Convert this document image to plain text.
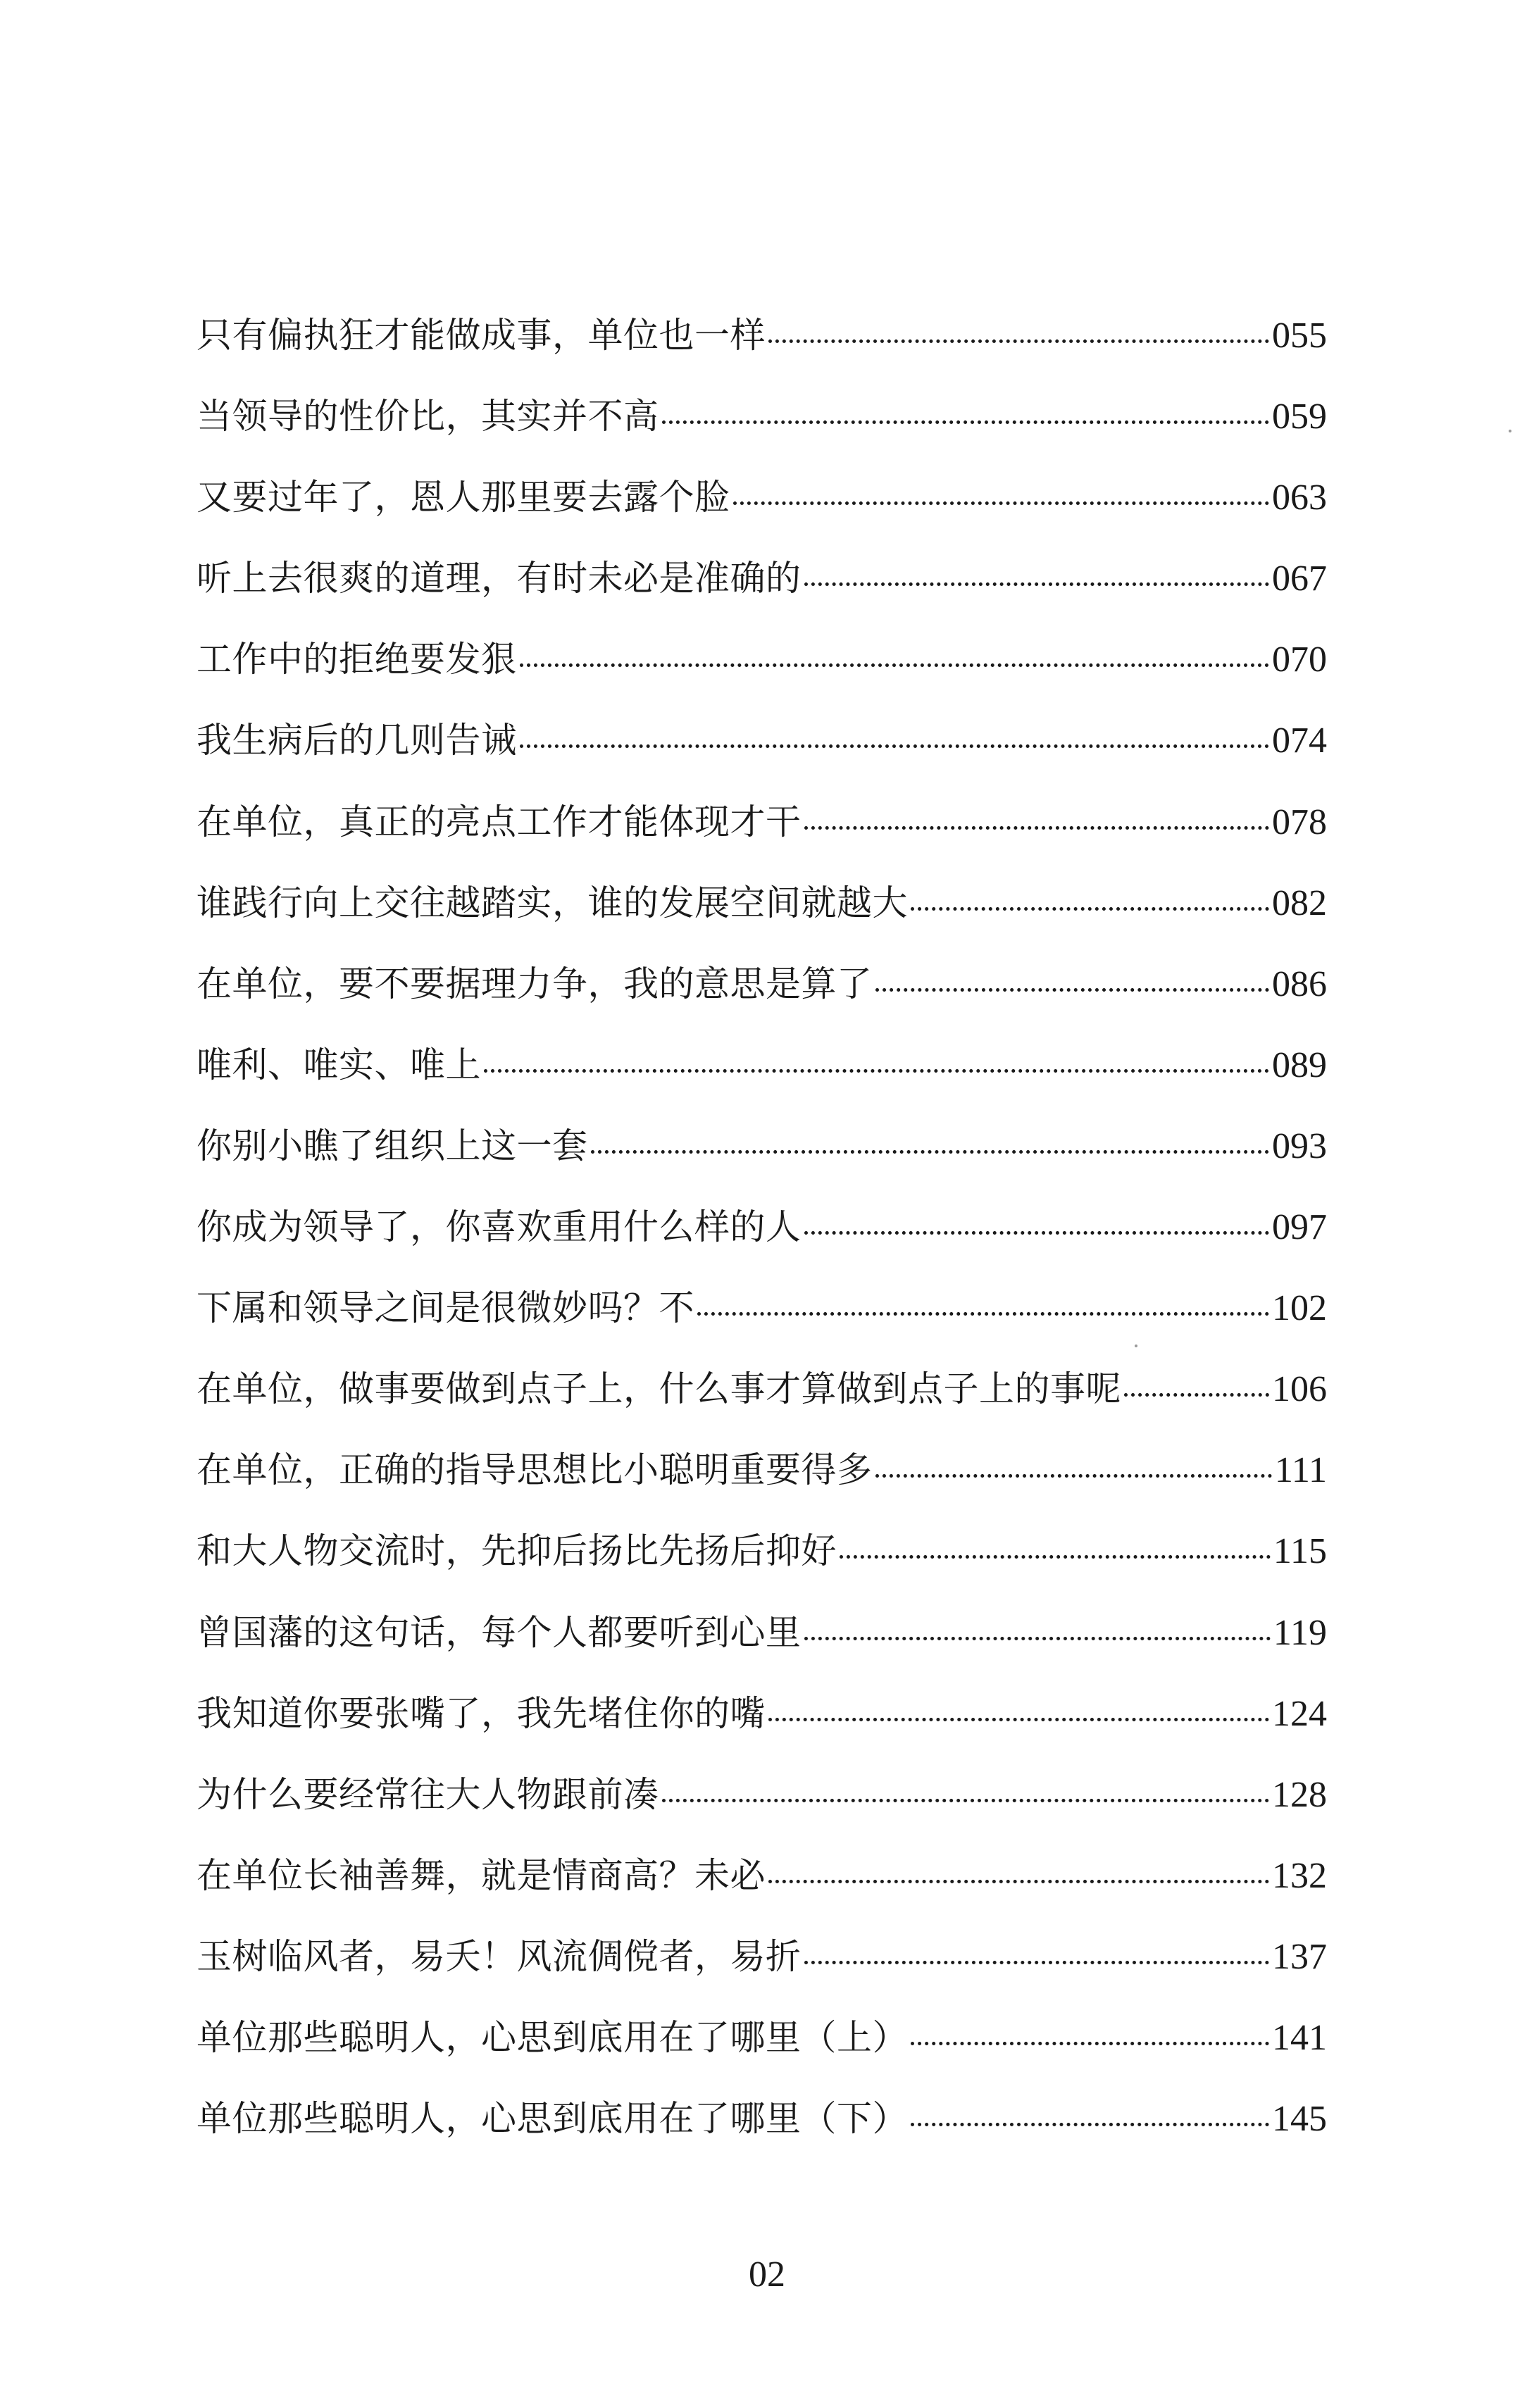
只有偏执狂才能做成事，单位也一样	055
当领导的性价比，其实并不高	059
又要过年了，恩人那里要去露个脸	063
听上去很爽的道理，有时未必是准确的	067
工作中的拒绝要发狠	070
我生病后的几则告诫	074
在单位，真正的亮点工作才能体现才干	078
谁践行向上交往越踏实，谁的发展空间就越大	082
在单位，要不要据理力争，我的意思是算了	086
唯利、唯实、唯上	089
你别小瞧了组织上这一套	093
你成为领导了，你喜欢重用什么样的人	097
下属和领导之间是很微妙吗？不	102
在单位，做事要做到点子上，什么事才算做到点子上的事呢	106
在单位，正确的指导思想比小聪明重要得多	111
和大人物交流时，先抑后扬比先扬后抑好	115
曾国藩的这句话，每个人都要听到心里	119
我知道你要张嘴了，我先堵住你的嘴	124
为什么要经常往大人物跟前凑	128
在单位长袖善舞，就是情商高？未必	132
玉树临风者，易夭！风流倜傥者，易折	137
单位那些聪明人，心思到底用在了哪里（上）	141
单位那些聪明人，心思到底用在了哪里（下）	145
02
